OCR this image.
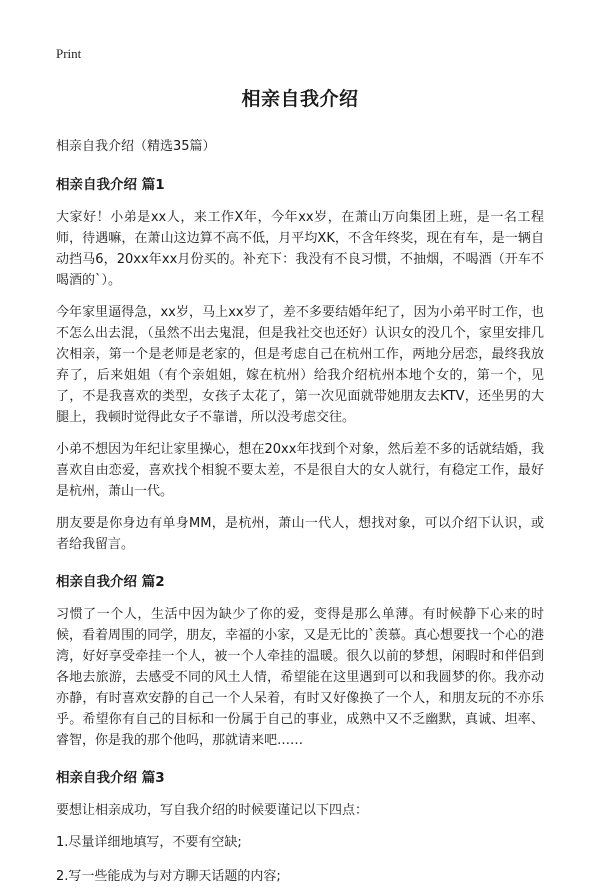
Print
相亲自我介绍
相亲自我介绍（精选35篇）
相亲自我介绍 篇1

大家好！小弟是xx人，来工作X年，今年xx岁，在萧山万向集团上班，是一名工程师，待遇嘛，在萧山这边算不高不低，月平均XK，不含年终奖，现在有车，是一辆自动挡马6，20xx年xx月份买的。补充下：我没有不良习惯，不抽烟，不喝酒（开车不喝酒的`）。

今年家里逼得急，xx岁，马上xx岁了，差不多要结婚年纪了，因为小弟平时工作，也不怎么出去混，（虽然不出去鬼混，但是我社交也还好）认识女的没几个，家里安排几次相亲，第一个是老师是老家的，但是考虑自己在杭州工作，两地分居恋，最终我放弃了，后来姐姐（有个亲姐姐，嫁在杭州）给我介绍杭州本地个女的，第一个，见了，不是我喜欢的类型，女孩子太花了，第一次见面就带她朋友去KTV，还坐男的大腿上，我顿时觉得此女子不靠谱，所以没考虑交往。

小弟不想因为年纪让家里操心，想在20xx年找到个对象，然后差不多的话就结婚，我喜欢自由恋爱，喜欢找个相貌不要太差，不是很自大的女人就行，有稳定工作，最好是杭州，萧山一代。

朋友要是你身边有单身MM，是杭州，萧山一代人，想找对象，可以介绍下认识，或者给我留言。

相亲自我介绍 篇2

习惯了一个人，生活中因为缺少了你的爱，变得是那么单薄。有时候静下心来的时候，看着周围的同学，朋友，幸福的小家，又是无比的`羡慕。真心想要找一个心的港湾，好好享受牵挂一个人，被一个人牵挂的温暖。很久以前的梦想，闲暇时和伴侣到各地去旅游，去感受不同的风土人情，希望能在这里遇到可以和我圆梦的你。我亦动亦静，有时喜欢安静的自己一个人呆着，有时又好像换了一个人，和朋友玩的不亦乐乎。希望你有自己的目标和一份属于自己的事业，成熟中又不乏幽默，真诚、坦率、睿智，你是我的那个他吗，那就请来吧……

相亲自我介绍 篇3

要想让相亲成功，写自我介绍的时候要谨记以下四点：

1.尽量详细地填写，不要有空缺;
2.写一些能成为与对方聊天话题的内容;
